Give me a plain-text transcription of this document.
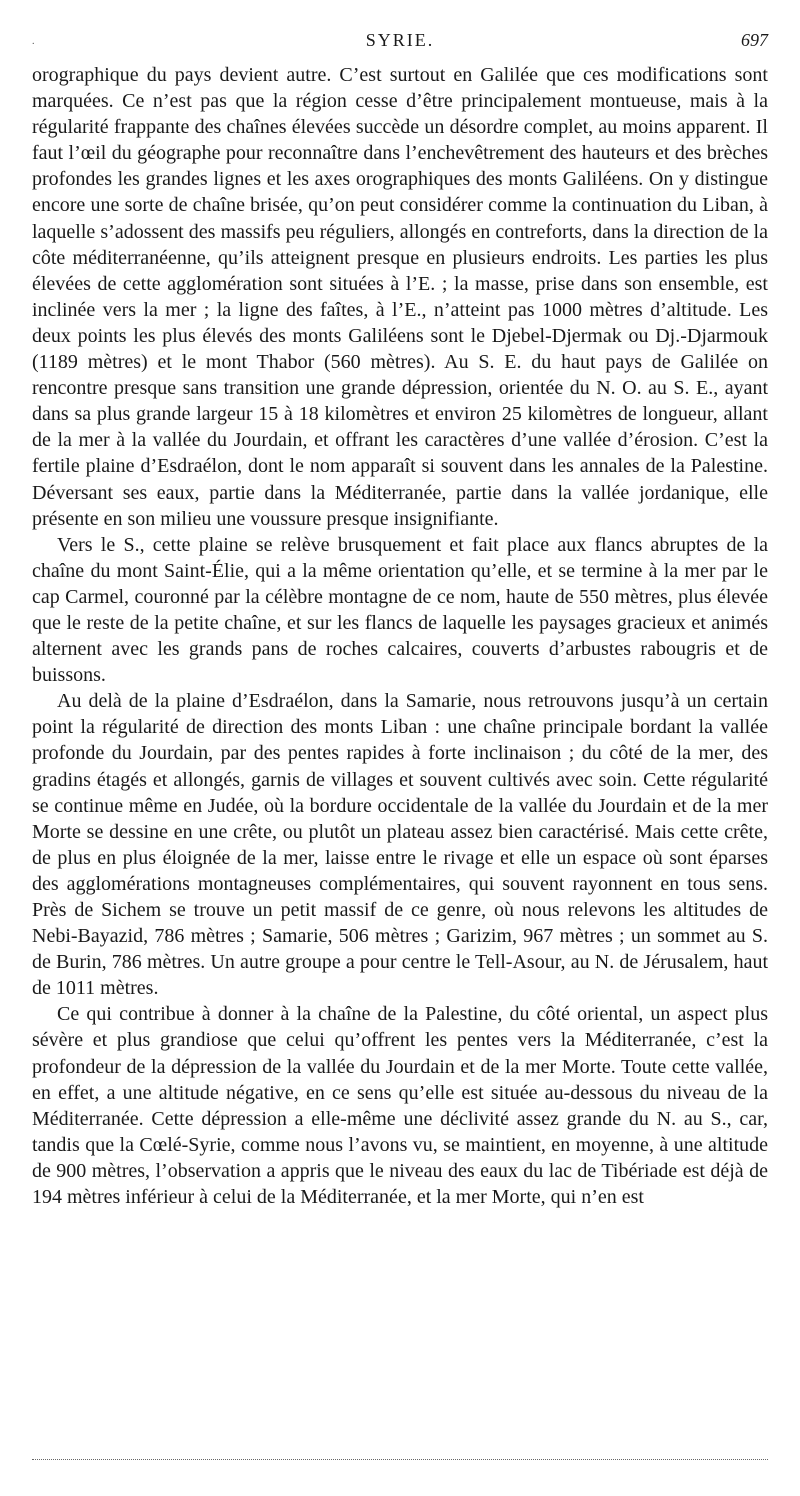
.	SYRIE.	697

orographique du pays devient autre. C’est surtout en Galilée que ces modifications sont marquées. Ce n’est pas que la région cesse d’être principalement montueuse, mais à la régularité frappante des chaînes élevées succède un désordre complet, au moins apparent. Il faut l’œil du géographe pour reconnaître dans l’enchevêtrement des hauteurs et des brèches profondes les grandes lignes et les axes orographiques des monts Galiléens. On y distingue encore une sorte de chaîne brisée, qu’on peut considérer comme la continuation du Liban, à laquelle s’adossent des massifs peu réguliers, allongés en contreforts, dans la direction de la côte méditerranéenne, qu’ils atteignent presque en plusieurs endroits. Les parties les plus élevées de cette agglomération sont situées à l’E. ; la masse, prise dans son ensemble, est inclinée vers la mer ; la ligne des faîtes, à l’E., n’atteint pas 1000 mètres d’altitude. Les deux points les plus élevés des monts Galiléens sont le Djebel-Djermak ou Dj.-Djarmouk (1189 mètres) et le mont Thabor (560 mètres). Au S. E. du haut pays de Galilée on rencontre presque sans transition une grande dépression, orientée du N. O. au S. E., ayant dans sa plus grande largeur 15 à 18 kilomètres et environ 25 kilomètres de longueur, allant de la mer à la vallée du Jourdain, et offrant les caractères d’une vallée d’érosion. C’est la fertile plaine d’Esdraélon, dont le nom apparaît si souvent dans les annales de la Palestine. Déversant ses eaux, partie dans la Méditerranée, partie dans la vallée jordanique, elle présente en son milieu une voussure presque insignifiante.

Vers le S., cette plaine se relève brusquement et fait place aux flancs abruptes de la chaîne du mont Saint-Élie, qui a la même orientation qu’elle, et se termine à la mer par le cap Carmel, couronné par la célèbre montagne de ce nom, haute de 550 mètres, plus élevée que le reste de la petite chaîne, et sur les flancs de laquelle les paysages gracieux et animés alternent avec les grands pans de roches calcaires, couverts d’arbustes rabougris et de buissons.

Au delà de la plaine d’Esdraélon, dans la Samarie, nous retrouvons jusqu’à un certain point la régularité de direction des monts Liban : une chaîne principale bordant la vallée profonde du Jourdain, par des pentes rapides à forte inclinaison ; du côté de la mer, des gradins étagés et allongés, garnis de villages et souvent cultivés avec soin. Cette régularité se continue même en Judée, où la bordure occidentale de la vallée du Jourdain et de la mer Morte se dessine en une crête, ou plutôt un plateau assez bien caractérisé. Mais cette crête, de plus en plus éloignée de la mer, laisse entre le rivage et elle un espace où sont éparses des agglomérations montagneuses complémentaires, qui souvent rayonnent en tous sens. Près de Sichem se trouve un petit massif de ce genre, où nous relevons les altitudes de Nebi-Bayazid, 786 mètres ; Samarie, 506 mètres ; Garizim, 967 mètres ; un sommet au S. de Burin, 786 mètres. Un autre groupe a pour centre le Tell-Asour, au N. de Jérusalem, haut de 1011 mètres.

Ce qui contribue à donner à la chaîne de la Palestine, du côté oriental, un aspect plus sévère et plus grandiose que celui qu’offrent les pentes vers la Méditerranée, c’est la profondeur de la dépression de la vallée du Jourdain et de la mer Morte. Toute cette vallée, en effet, a une altitude négative, en ce sens qu’elle est située au-dessous du niveau de la Méditerranée. Cette dépression a elle-même une déclivité assez grande du N. au S., car, tandis que la Cœlé-Syrie, comme nous l’avons vu, se maintient, en moyenne, à une altitude de 900 mètres, l’observation a appris que le niveau des eaux du lac de Tibériade est déjà de 194 mètres inférieur à celui de la Méditerranée, et la mer Morte, qui n’en est
